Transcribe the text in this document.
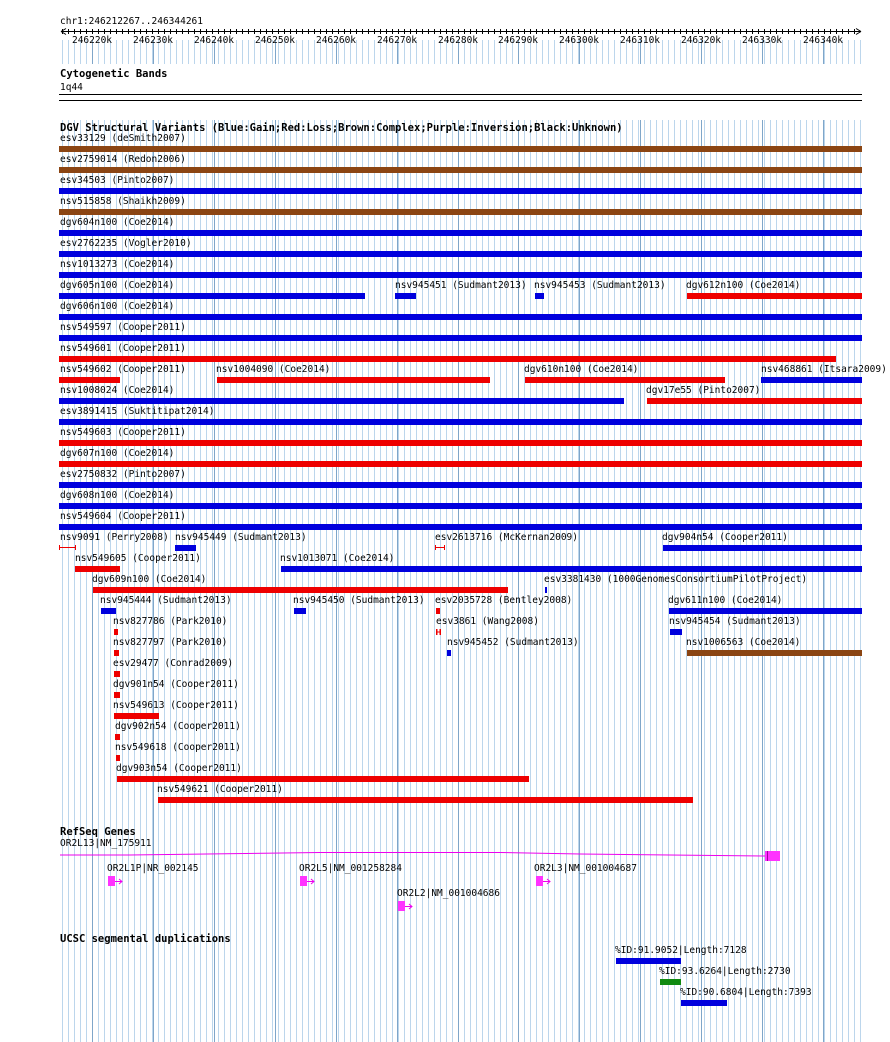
chr1:246212267..246344261
246220k 246230k 246240k 246250k 246260k 246270k 246280k 246290k 246300k 246310k 246320k 246330k 246340k
Cytogenetic Bands
1q44
DGV Structural Variants (Blue:Gain;Red:Loss;Brown:Complex;Purple:Inversion;Black:Unknown)
RefSeq Genes
UCSC segmental duplications
esv33129 (deSmith2007)
esv2759014 (Redon2006)
esv34503 (Pinto2007)
nsv515858 (Shaikh2009)
dgv604n100 (Coe2014)
esv2762235 (Vogler2010)
nsv1013273 (Coe2014)
dgv605n100 (Coe2014)	nsv945451 (Sudmant2013) nsv945453 (Sudmant2013) dgv612n100 (Coe2014)
dgv606n100 (Coe2014)
nsv549597 (Cooper2011)
nsv549601 (Cooper2011)
nsv549602 (Cooper2011)	nsv1004090 (Coe2014)	dgv610n100 (Coe2014)	nsv468861 (Itsara2009)
nsv1008024 (Coe2014)	dgv17e55 (Pinto2007)
esv3891415 (Suktitipat2014)
nsv549603 (Cooper2011)
dgv607n100 (Coe2014)
esv2750832 (Pinto2007)
dgv608n100 (Coe2014)
nsv549604 (Cooper2011)
nsv9091 (Perry2008) nsv945449 (Sudmant2013)	esv2613716 (McKernan2009)	dgv904n54 (Cooper2011)
nsv549605 (Cooper2011)	nsv1013071 (Coe2014)
dgv609n100 (Coe2014)	esv3381430 (1000GenomesConsortiumPilotProject)
nsv945444 (Sudmant2013)	nsv945450 (Sudmant2013) esv2035728 (Bentley2008)	dgv611n100 (Coe2014)
nsv827786 (Park2010)	esv3861 (Wang2008)	nsv945454 (Sudmant2013)
nsv827797 (Park2010)	nsv945452 (Sudmant2013)	nsv1006563 (Coe2014)
esv29477 (Conrad2009)
dgv901n54 (Cooper2011)
nsv549613 (Cooper2011)
dgv902n54 (Cooper2011)
nsv549618 (Cooper2011)
dgv903n54 (Cooper2011)
nsv549621 (Cooper2011)
OR2L13|NM_175911
OR2L1P|NR_002145	OR2L5|NM_001258284	OR2L3|NM_001004687
OR2L2|NM_001004686
%ID:91.9052|Length:7128
%ID:93.6264|Length:2730
%ID:90.6804|Length:7393
